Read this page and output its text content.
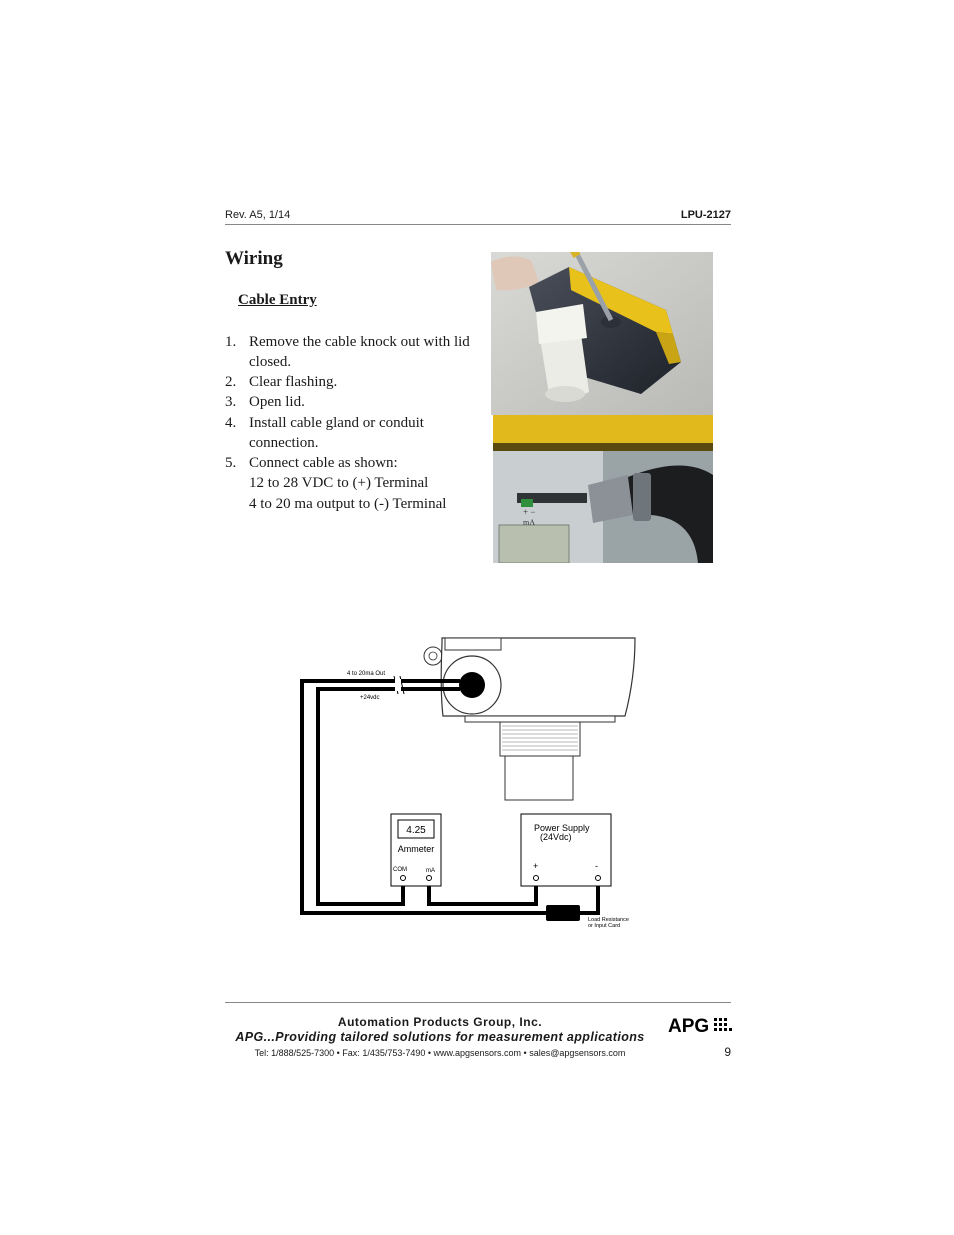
Rev. A5, 1/14	LPU-2127
Wiring
Cable Entry
1. Remove the cable knock out with lid closed.
2. Clear flashing.
3. Open lid.
4. Install cable gland or conduit connection.
5. Connect cable as shown:
12 to 28 VDC to (+) Terminal
4 to 20 ma output to (-) Terminal	+ −
mA
4 to 20ma Out
+24vdc
4.25
Ammeter
COM	mA
Power Supply
(24Vdc)
+	-
Load Resistance
or Input Card
Automation Products Group, Inc.
APG...Providing tailored solutions for measurement applications
Tel: 1/888/525-7300 • Fax: 1/435/753-7490 • www.apgsensors.com • sales@apgsensors.com
APG
9
